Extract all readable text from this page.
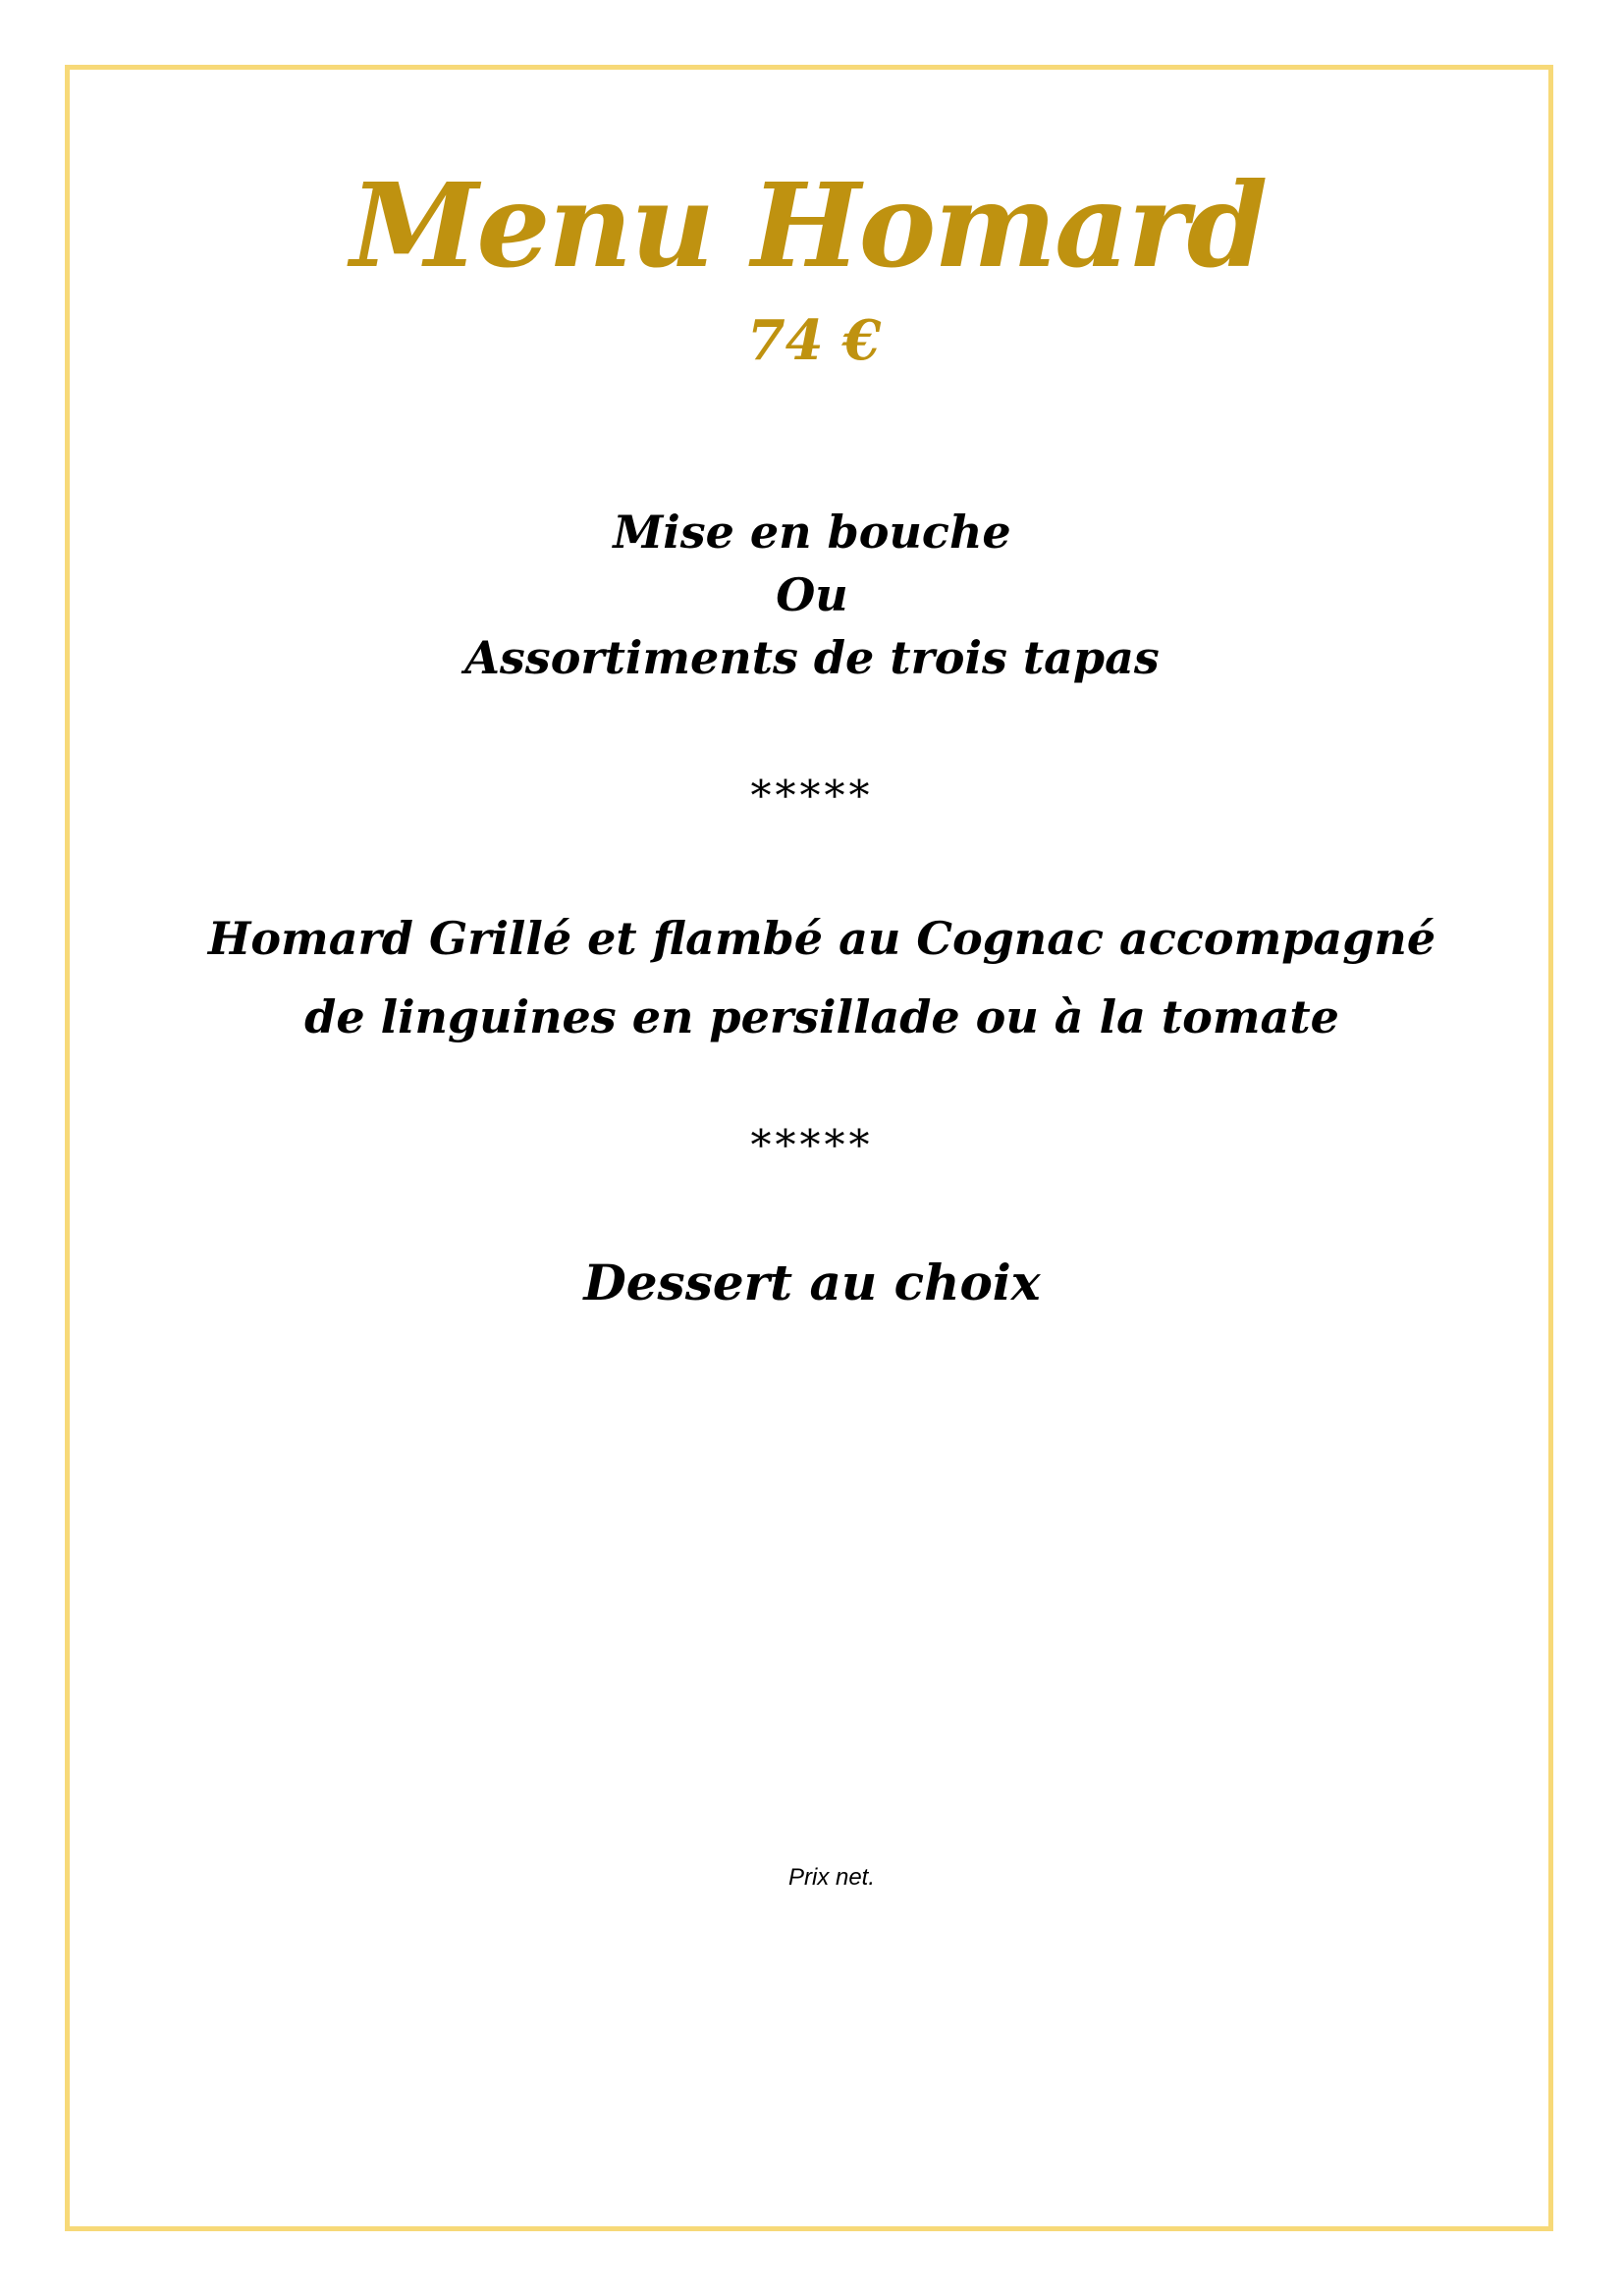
Menu Homard
74 €
Mise en bouche
Ou
Assortiments de trois tapas
*****
Homard Grillé et flambé au Cognac accompagné
de linguines en persillade ou à la tomate
*****
Dessert au choix
Prix net.
